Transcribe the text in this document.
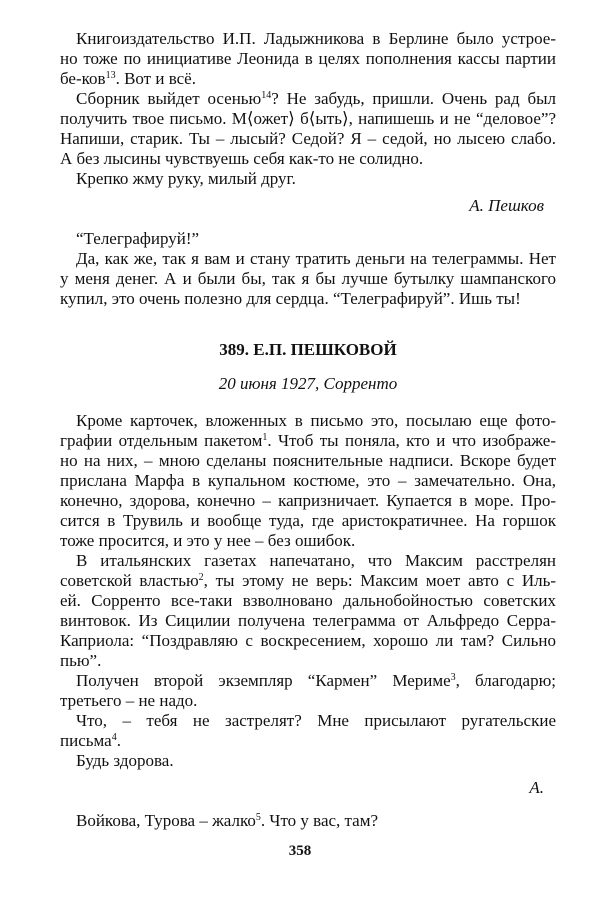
Книгоиздательство И.П. Ладыжникова в Берлине было устрое-
но тоже по инициативе Леонида в целях пополнения кассы партии
бе-ков$^{13}$. Вот и всё.
Сборник выйдет осенью$^{14}$? Не забудь, пришли. Очень рад был
получить твое письмо. М⟨ожет⟩ б⟨ыть⟩, напишешь и не “деловое”?
Напиши, старик. Ты – лысый? Седой? Я – седой, но лысею слабо.
А без лысины чувствуешь себя как-то не солидно.
Крепко жму руку, милый друг.
А. Пешков
“Телеграфируй!”
Да, как же, так я вам и стану тратить деньги на телеграммы. Нет
у меня денег. А и были бы, так я бы лучше бутылку шампанского
купил, это очень полезно для сердца. “Телеграфируй”. Ишь ты!
389. Е.П. ПЕШКОВОЙ
20 июня 1927, Сорренто
Кроме карточек, вложенных в письмо это, посылаю еще фото-
графии отдельным пакетом$^1$. Чтоб ты поняла, кто и что изображе-
но на них, – мною сделаны пояснительные надписи. Вскоре будет
прислана Марфа в купальном костюме, это – замечательно. Она,
конечно, здорова, конечно – капризничает. Купается в море. Про-
сится в Трувиль и вообще туда, где аристократичнее. На горшок
тоже просится, и это у нее – без ошибок.
В итальянских газетах напечатано, что Максим расстрелян
советской властью$^2$, ты этому не верь: Максим моет авто с Иль-
ей. Сорренто все-таки взволновано дальнобойностью советских
винтовок. Из Сицилии получена телеграмма от Альфредо Серра-
Каприола: “Поздравляю с воскресением, хорошо ли там? Сильно
пью”.
Получен второй экземпляр “Кармен” Мериме$^3$, благодарю;
третьего – не надо.
Что, – тебя не застрелят? Мне присылают ругательские
письма$^4$.
Будь здорова.
А.
Войкова, Турова – жалко$^5$. Что у вас, там?
358
